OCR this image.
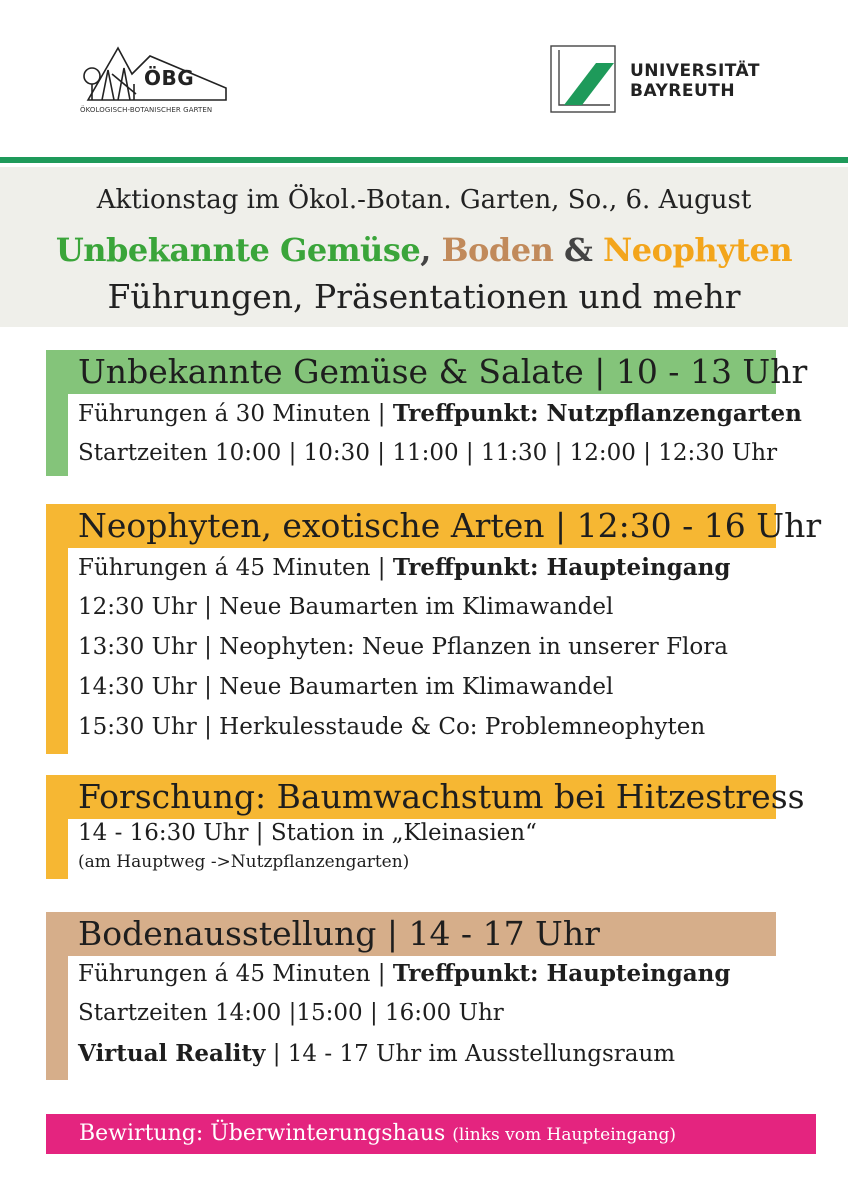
ÖBG
ÖKOLOGISCH-BOTANISCHER GARTEN
UNIVERSITÄT
BAYREUTH
Aktionstag im Ökol.-Botan. Garten, So., 6. August
Unbekannte Gemüse, Boden & Neophyten
Führungen, Präsentationen und mehr
Unbekannte Gemüse & Salate | 10 - 13 Uhr
Führungen á 30 Minuten | Treffpunkt: Nutzpflanzengarten
Startzeiten 10:00 | 10:30 | 11:00 | 11:30 | 12:00 | 12:30 Uhr
Neophyten, exotische Arten | 12:30 - 16 Uhr
Führungen á 45 Minuten | Treffpunkt: Haupteingang
12:30 Uhr | Neue Baumarten im Klimawandel
13:30 Uhr | Neophyten: Neue Pflanzen in unserer Flora
14:30 Uhr | Neue Baumarten im Klimawandel
15:30 Uhr | Herkulesstaude & Co: Problemneophyten
Forschung: Baumwachstum bei Hitzestress
14 - 16:30 Uhr | Station in „Kleinasien“
(am Hauptweg ->Nutzpflanzengarten)
Bodenausstellung | 14 - 17 Uhr
Führungen á 45 Minuten | Treffpunkt: Haupteingang
Startzeiten 14:00 |15:00 | 16:00 Uhr
Virtual Reality | 14 - 17 Uhr im Ausstellungsraum
Bewirtung: Überwinterungshaus (links vom Haupteingang)
